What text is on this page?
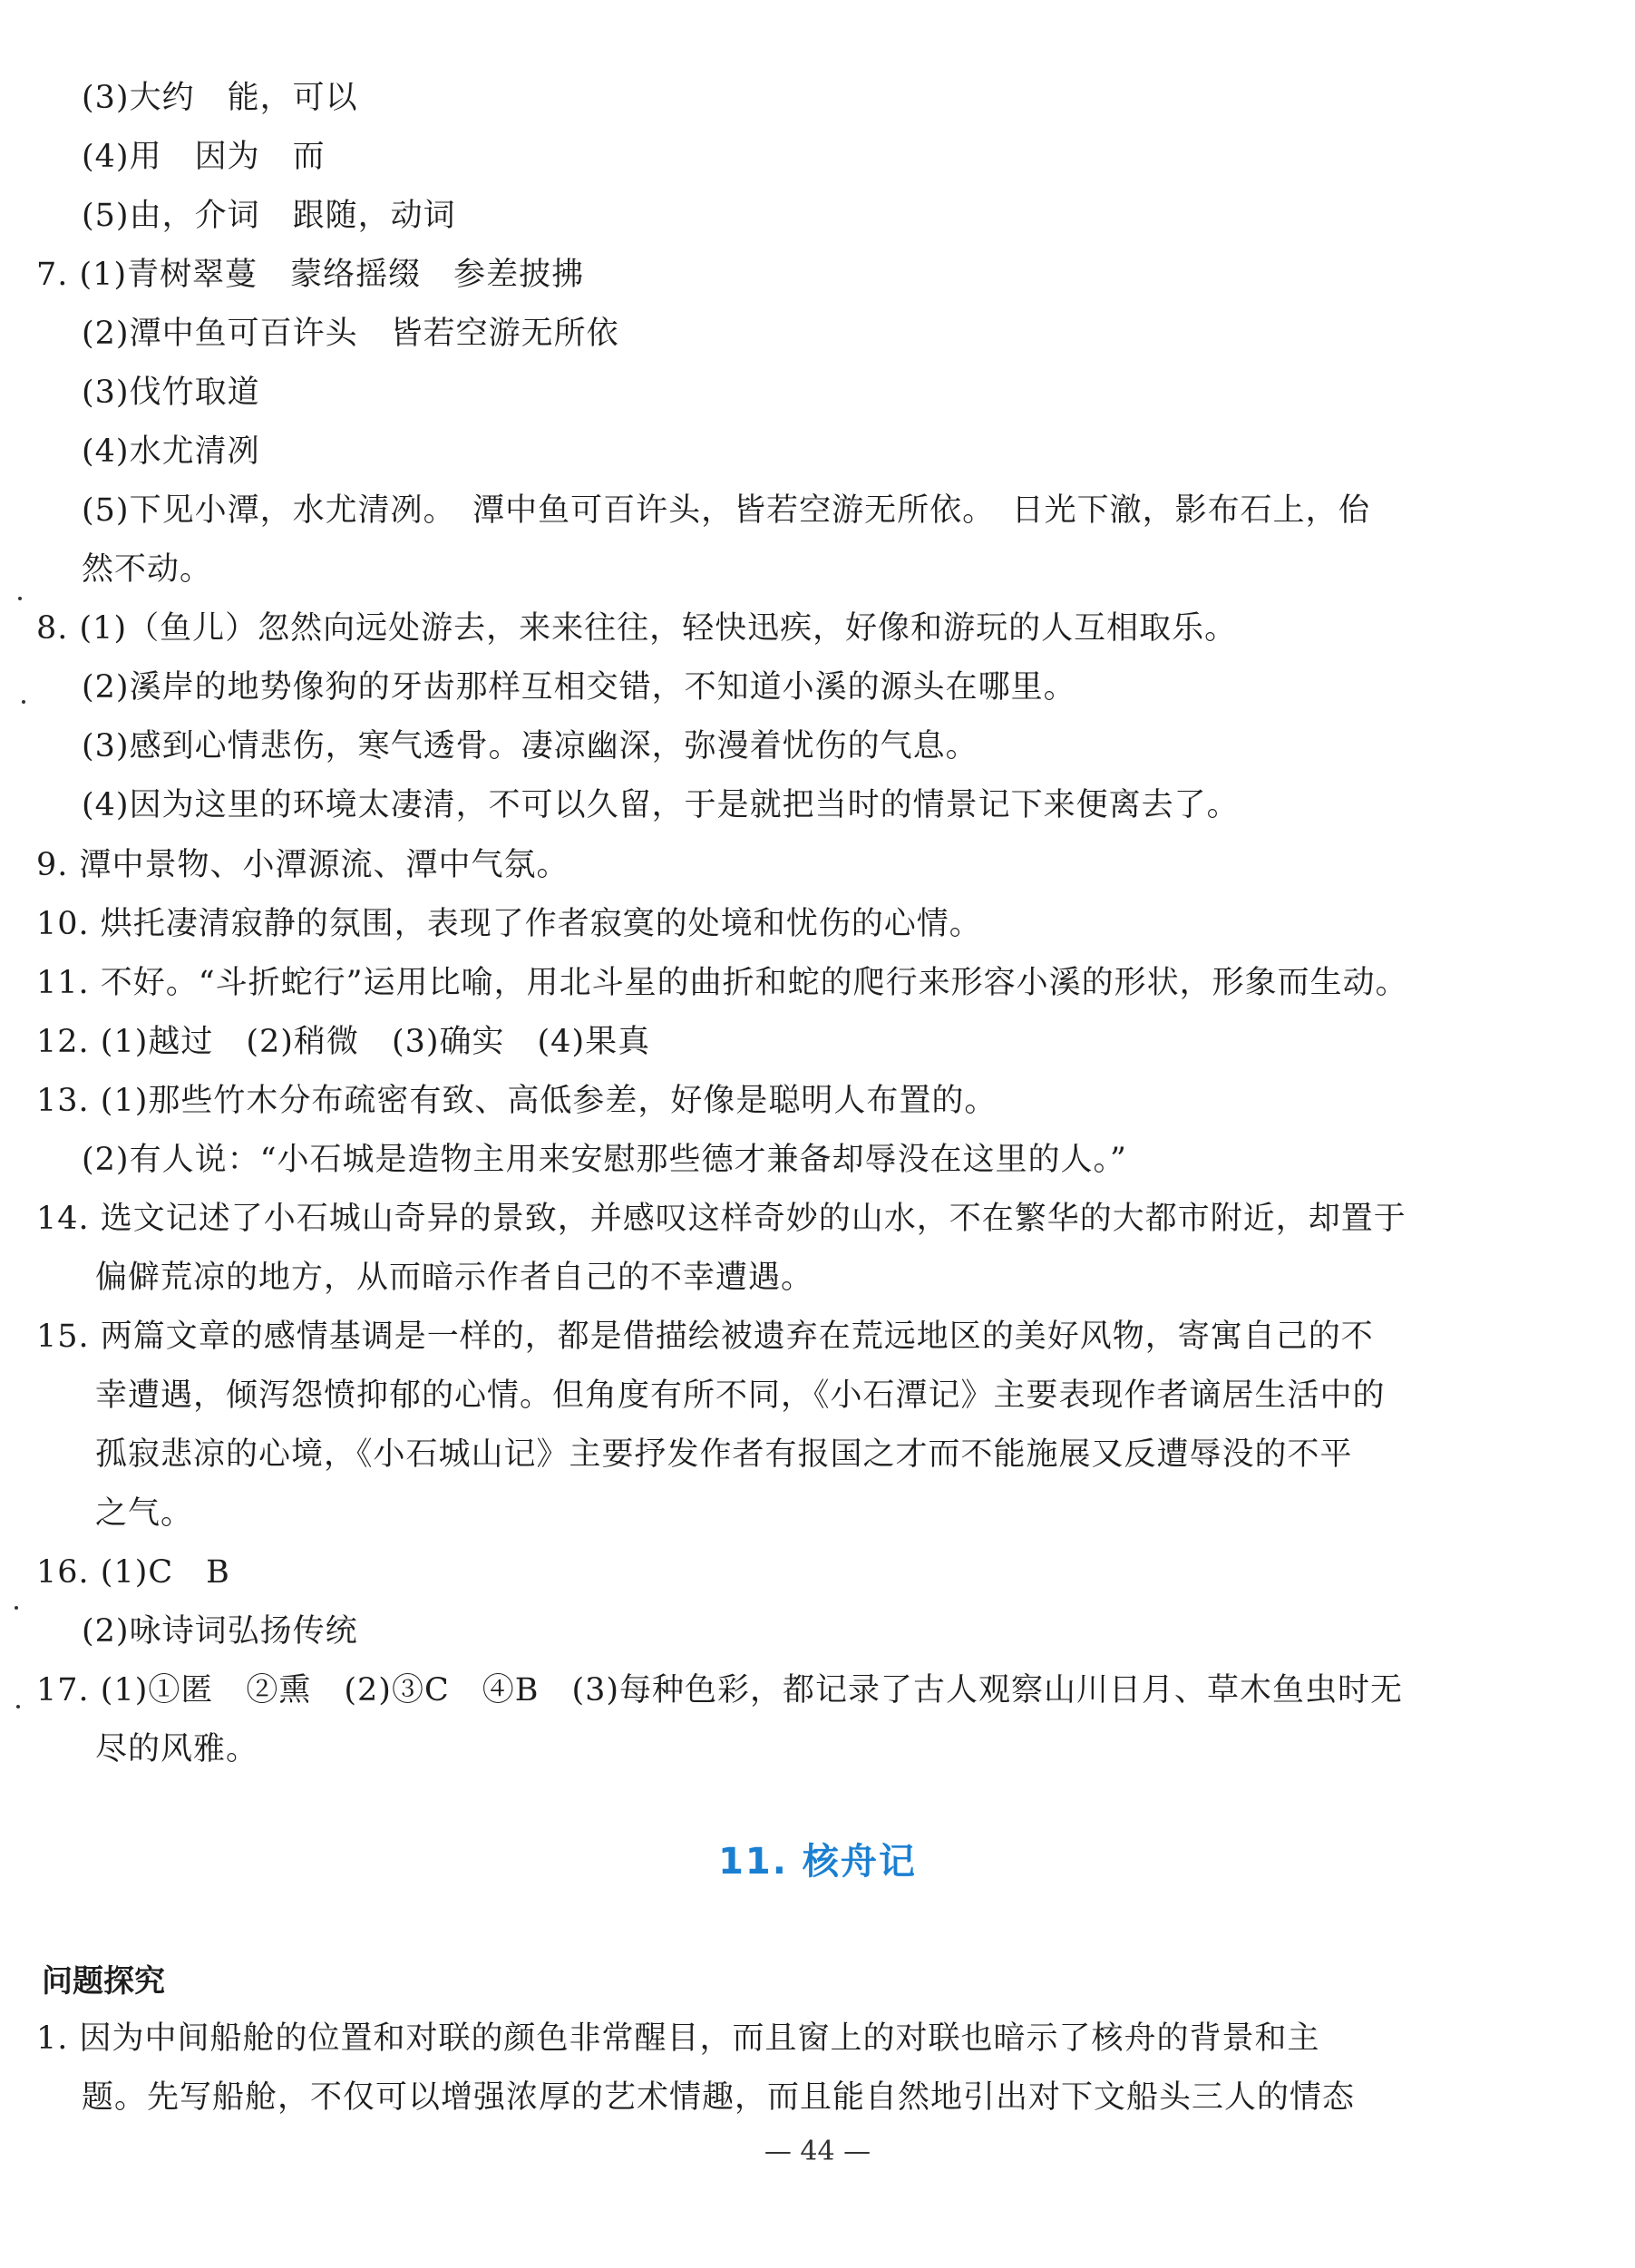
(3)大约　能，可以
(4)用　因为　而
(5)由，介词　跟随，动词
7. (1)青树翠蔓　蒙络摇缀　参差披拂
(2)潭中鱼可百许头　皆若空游无所依
(3)伐竹取道
(4)水尤清冽
(5)下见小潭，水尤清冽。　潭中鱼可百许头，皆若空游无所依。　日光下澈，影布石上，佁
然不动。
8. (1)（鱼儿）忽然向远处游去，来来往往，轻快迅疾，好像和游玩的人互相取乐。
(2)溪岸的地势像狗的牙齿那样互相交错，不知道小溪的源头在哪里。
(3)感到心情悲伤，寒气透骨。凄凉幽深，弥漫着忧伤的气息。
(4)因为这里的环境太凄清，不可以久留，于是就把当时的情景记下来便离去了。
9. 潭中景物、小潭源流、潭中气氛。
10. 烘托凄清寂静的氛围，表现了作者寂寞的处境和忧伤的心情。
11. 不好。“斗折蛇行”运用比喻，用北斗星的曲折和蛇的爬行来形容小溪的形状，形象而生动。
12. (1)越过　(2)稍微　(3)确实　(4)果真
13. (1)那些竹木分布疏密有致、高低参差，好像是聪明人布置的。
(2)有人说：“小石城是造物主用来安慰那些德才兼备却辱没在这里的人。”
14. 选文记述了小石城山奇异的景致，并感叹这样奇妙的山水，不在繁华的大都市附近，却置于
偏僻荒凉的地方，从而暗示作者自己的不幸遭遇。
15. 两篇文章的感情基调是一样的，都是借描绘被遗弃在荒远地区的美好风物，寄寓自己的不
幸遭遇，倾泻怨愤抑郁的心情。但角度有所不同，《小石潭记》主要表现作者谪居生活中的
孤寂悲凉的心境，《小石城山记》主要抒发作者有报国之才而不能施展又反遭辱没的不平
之气。
16. (1)C　B
(2)咏诗词弘扬传统
17. (1)①匿　②熏　(2)③C　④B　(3)每种色彩，都记录了古人观察山川日月、草木鱼虫时无
尽的风雅。
11. 核舟记
问题探究
1. 因为中间船舱的位置和对联的颜色非常醒目，而且窗上的对联也暗示了核舟的背景和主
题。先写船舱，不仅可以增强浓厚的艺术情趣，而且能自然地引出对下文船头三人的情态
— 44 —
